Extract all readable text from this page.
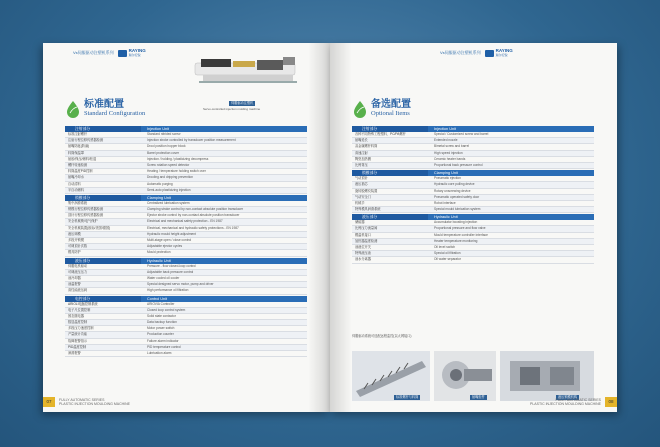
Vs伺服驱动注塑机系列	RAYING
瑞尔宏锐
伺服驱动注塑机
Servo-controlled injection molding machine
标准配置
Standard Configuration
注射部分	Injection Unit
标准注射螺杆	Standard nitrided screw
注射行程位移传感器检测	Injection stroke controlled by transducer position measurement
射嘴防涎(防滴)	Drool position hopper block
料筒保温罩	Barrel protection cover
射胶/保压/储料/松退	Injection / holding / plasticizing decompress
螺杆转速检测	Screw rotation speed detector
料筒温度PID控制	Heating / temperature holding switch over
射嘴冷却水	Drooling and dripping prevention
自动清料	Automatic purging
半自动储料	Semi-auto plasticizing injection
锁模部分	Clamping Unit
集中润滑系统	Centralized lubrication system
锁模行程位移传感器检测	Clamping stroke control by non-contact absolute position transducer
顶针行程位移传感器检测	Ejector stroke control by non-contact absolute position transducer
安全机械锁/电气保护	Electrical and mechanical safety protection - EN 1987
安全机械装置(欧标/美国/德国)	Electrical, mechanical and hydraulic safety protections - EN 1987
液压调模	Hydraulic mould height adjustment
多段开锁模	Multi-stage open / close control
可调顶针次数	Adjustable ejector cycles
模具防护	Mould protection
液压部分	Hydraulic Unit
伺服电机驱动	Pressure - flow closed-loop control
可调液压压力	Adjustable back pressure control
油冷却器	Water cooled oil cooler
油温报警	Special designed servo motor, pump and driver
高性能液压阀	High performance oil filtration
电控部分	Control Unit
ARIOLI电脑控制系统	ARIOVIA Controller
电子尺位置控制	Closed loop control system
固态继电器	Solid state contactor
数显温度控制	Data backup function
多段压力速度控制	Motor power switch
产量统计功能	Production counter
故障报警指示	Failure alarm indicator
PID温度控制	PID temperature control
润滑报警	Lubrication alarm
07	FULLY AUTOMATIC SERIES
PLASTIC INJECTION MOULDING MACHINE
Vs伺服驱动注塑机系列	RAYING
瑞尔宏锐
备选配置
Optional Items
注射部分	Injection Unit
各种不同特殊工程塑料、PC/PA螺杆	Special / Customized screw and barrel
射嘴延长	Extended nozzle
双金属螺杆料筒	Bimetal screw and barrel
高速注射	High speed injection
陶瓷加热圈	Ceramic heater bands
比例背压	Proportional back pressure control
锁模部分	Clamping Unit
气动顶针	Pneumatic ejection
液压抽芯	Hydraulic core pulling device
旋转脱螺纹装置	Rotary unscrewing device
气动安全门	Pneumatic operated safety door
机械手	Robot interface
特殊模具润滑系统	Special mould lubrication system
液压部分	Hydraulic Unit
储能器	Accumulator boosting injection
比例压力流量阀	Proportional pressure and flow valve
模温机接口	Mould temperature controller interface
加热器温度检测	Heater temperature monitoring
油液位开关	Oil level switch
特殊液压油	Special oil filtration
油水分离器	Oil water separator
伺服驱动系统可选配远程监控(以太网接口)
标准螺杆与料筒	射嘴组件	液压锁模机构
08
FULLY AUTOMATIC SERIES
PLASTIC INJECTION MOULDING MACHINE
